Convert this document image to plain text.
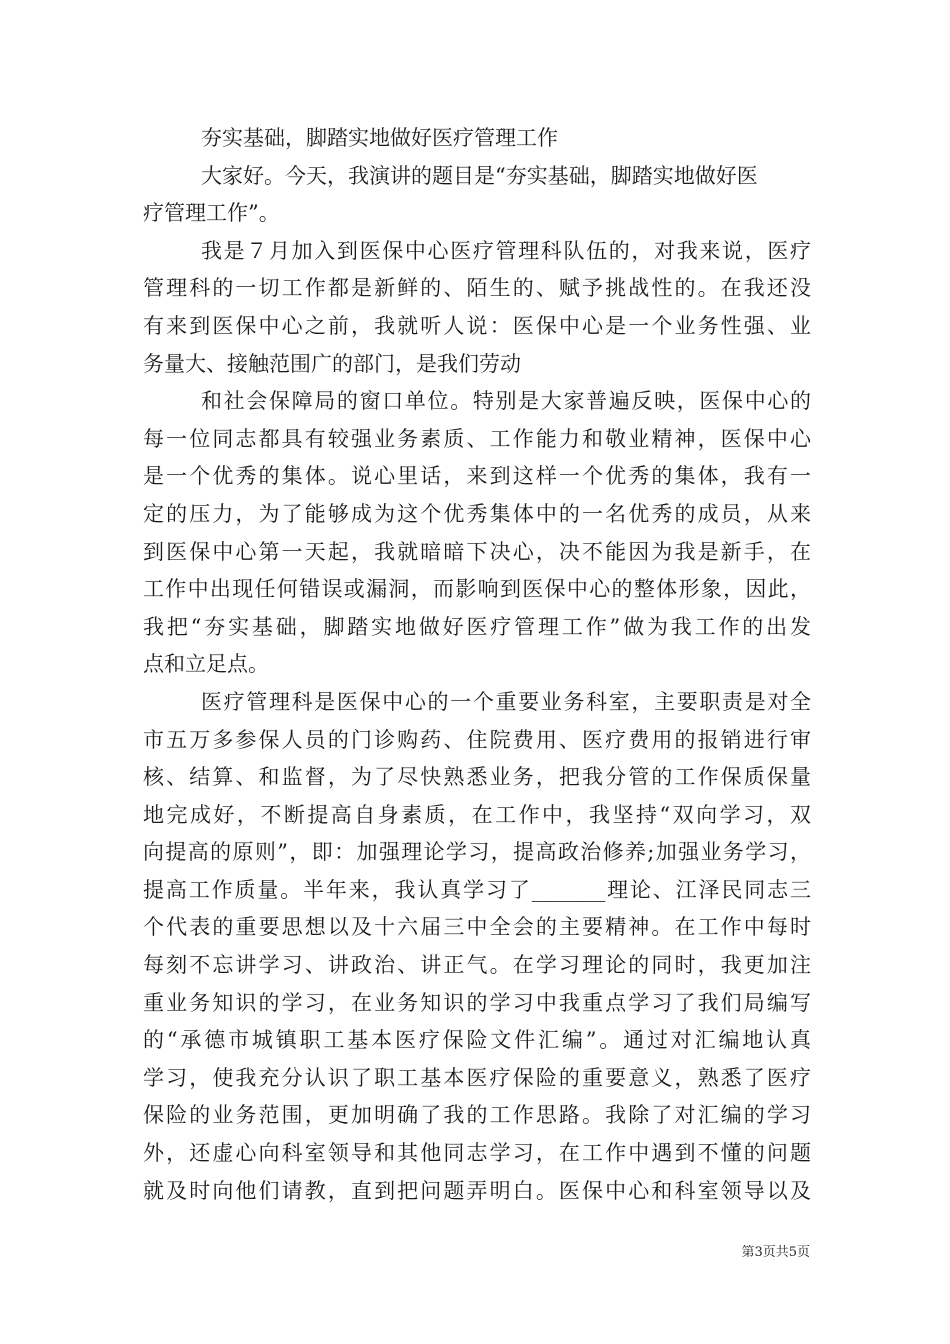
夯实基础，脚踏实地做好医疗管理工作
大家好。今天，我演讲的题目是“夯实基础，脚踏实地做好医
疗管理工作”。
我是７月加入到医保中心医疗管理科队伍的，对我来说，医疗
管理科的一切工作都是新鲜的、陌生的、赋予挑战性的。在我还没
有来到医保中心之前，我就听人说：医保中心是一个业务性强、业
务量大、接触范围广的部门，是我们劳动
和社会保障局的窗口单位。特别是大家普遍反映，医保中心的
每一位同志都具有较强业务素质、工作能力和敬业精神，医保中心
是一个优秀的集体。说心里话，来到这样一个优秀的集体，我有一
定的压力，为了能够成为这个优秀集体中的一名优秀的成员，从来
到医保中心第一天起，我就暗暗下决心，决不能因为我是新手，在
工作中出现任何错误或漏洞，而影响到医保中心的整体形象，因此，
我把“夯实基础，脚踏实地做好医疗管理工作”做为我工作的出发
点和立足点。
医疗管理科是医保中心的一个重要业务科室，主要职责是对全
市五万多参保人员的门诊购药、住院费用、医疗费用的报销进行审
核、结算、和监督，为了尽快熟悉业务，把我分管的工作保质保量
地完成好，不断提高自身素质，在工作中，我坚持“双向学习，双
向提高的原则”，即：加强理论学习，提高政治修养;加强业务学习，
提高工作质量。半年来，我认真学习了_______理论、江泽民同志三
个代表的重要思想以及十六届三中全会的主要精神。在工作中每时
每刻不忘讲学习、讲政治、讲正气。在学习理论的同时，我更加注
重业务知识的学习，在业务知识的学习中我重点学习了我们局编写
的“承德市城镇职工基本医疗保险文件汇编”。通过对汇编地认真
学习，使我充分认识了职工基本医疗保险的重要意义，熟悉了医疗
保险的业务范围，更加明确了我的工作思路。我除了对汇编的学习
外，还虚心向科室领导和其他同志学习，在工作中遇到不懂的问题
就及时向他们请教，直到把问题弄明白。医保中心和科室领导以及
第3页共5页
